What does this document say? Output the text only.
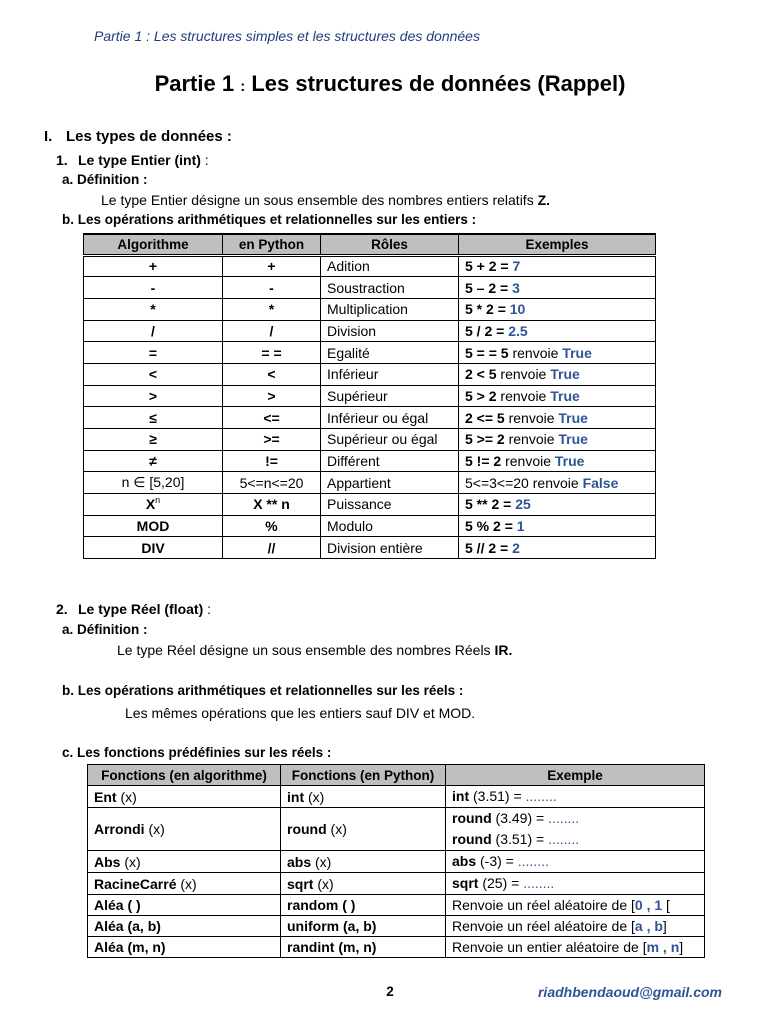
Partie 1 : Les structures simples et les structures des données
Partie 1 : Les structures de données (Rappel)
I. Les types de données :
1. Le type Entier (int) :
a. Définition :
Le type Entier désigne un sous ensemble des nombres entiers relatifs Z.
b. Les opérations arithmétiques et relationnelles sur les entiers :
Algorithme	en Python	Rôles	Exemples
+	+	Adition	5 + 2 = 7
-	-	Soustraction	5 – 2 = 3
*	*	Multiplication	5 * 2 = 10
/	/	Division	5 / 2 = 2.5
=	= =	Egalité	5 = = 5 renvoie True
<	<	Inférieur	2 < 5 renvoie True
>	>	Supérieur	5 > 2 renvoie True
≤	<=	Inférieur ou égal	2 <= 5 renvoie True
≥	>=	Supérieur ou égal	5 >= 2 renvoie True
≠	!=	Différent	5 != 2 renvoie True
n ∈ [5,20]	5<=n<=20	Appartient	5<=3<=20 renvoie False
$X^n$	X ** n	Puissance	5 ** 2 = 25
MOD	%	Modulo	5 % 2 = 1
DIV	//	Division entière	5 // 2 = 2
2. Le type Réel (float) :
a. Définition :
Le type Réel désigne un sous ensemble des nombres Réels IR.
b. Les opérations arithmétiques et relationnelles sur les réels :
Les mêmes opérations que les entiers sauf DIV et MOD.
c. Les fonctions prédéfinies sur les réels :
Fonctions (en algorithme)	Fonctions (en Python)	Exemple
Ent (x)	int (x)	int (3.51) = ........

Arrondi (x)	round (x)	round (3.49) = ........
round (3.51) = ........

Abs (x)	abs (x)	abs (-3) = ........

RacineCarré (x)	sqrt (x)	sqrt (25) = ........

Aléa ( )	random ( )	Renvoie un réel aléatoire de [0 , 1 [
Aléa (a, b)	uniform (a, b)	Renvoie un réel aléatoire de [a , b]
Aléa (m, n)	randint (m, n)	Renvoie un entier aléatoire de [m , n]
2	riadhbendaoud@gmail.com
